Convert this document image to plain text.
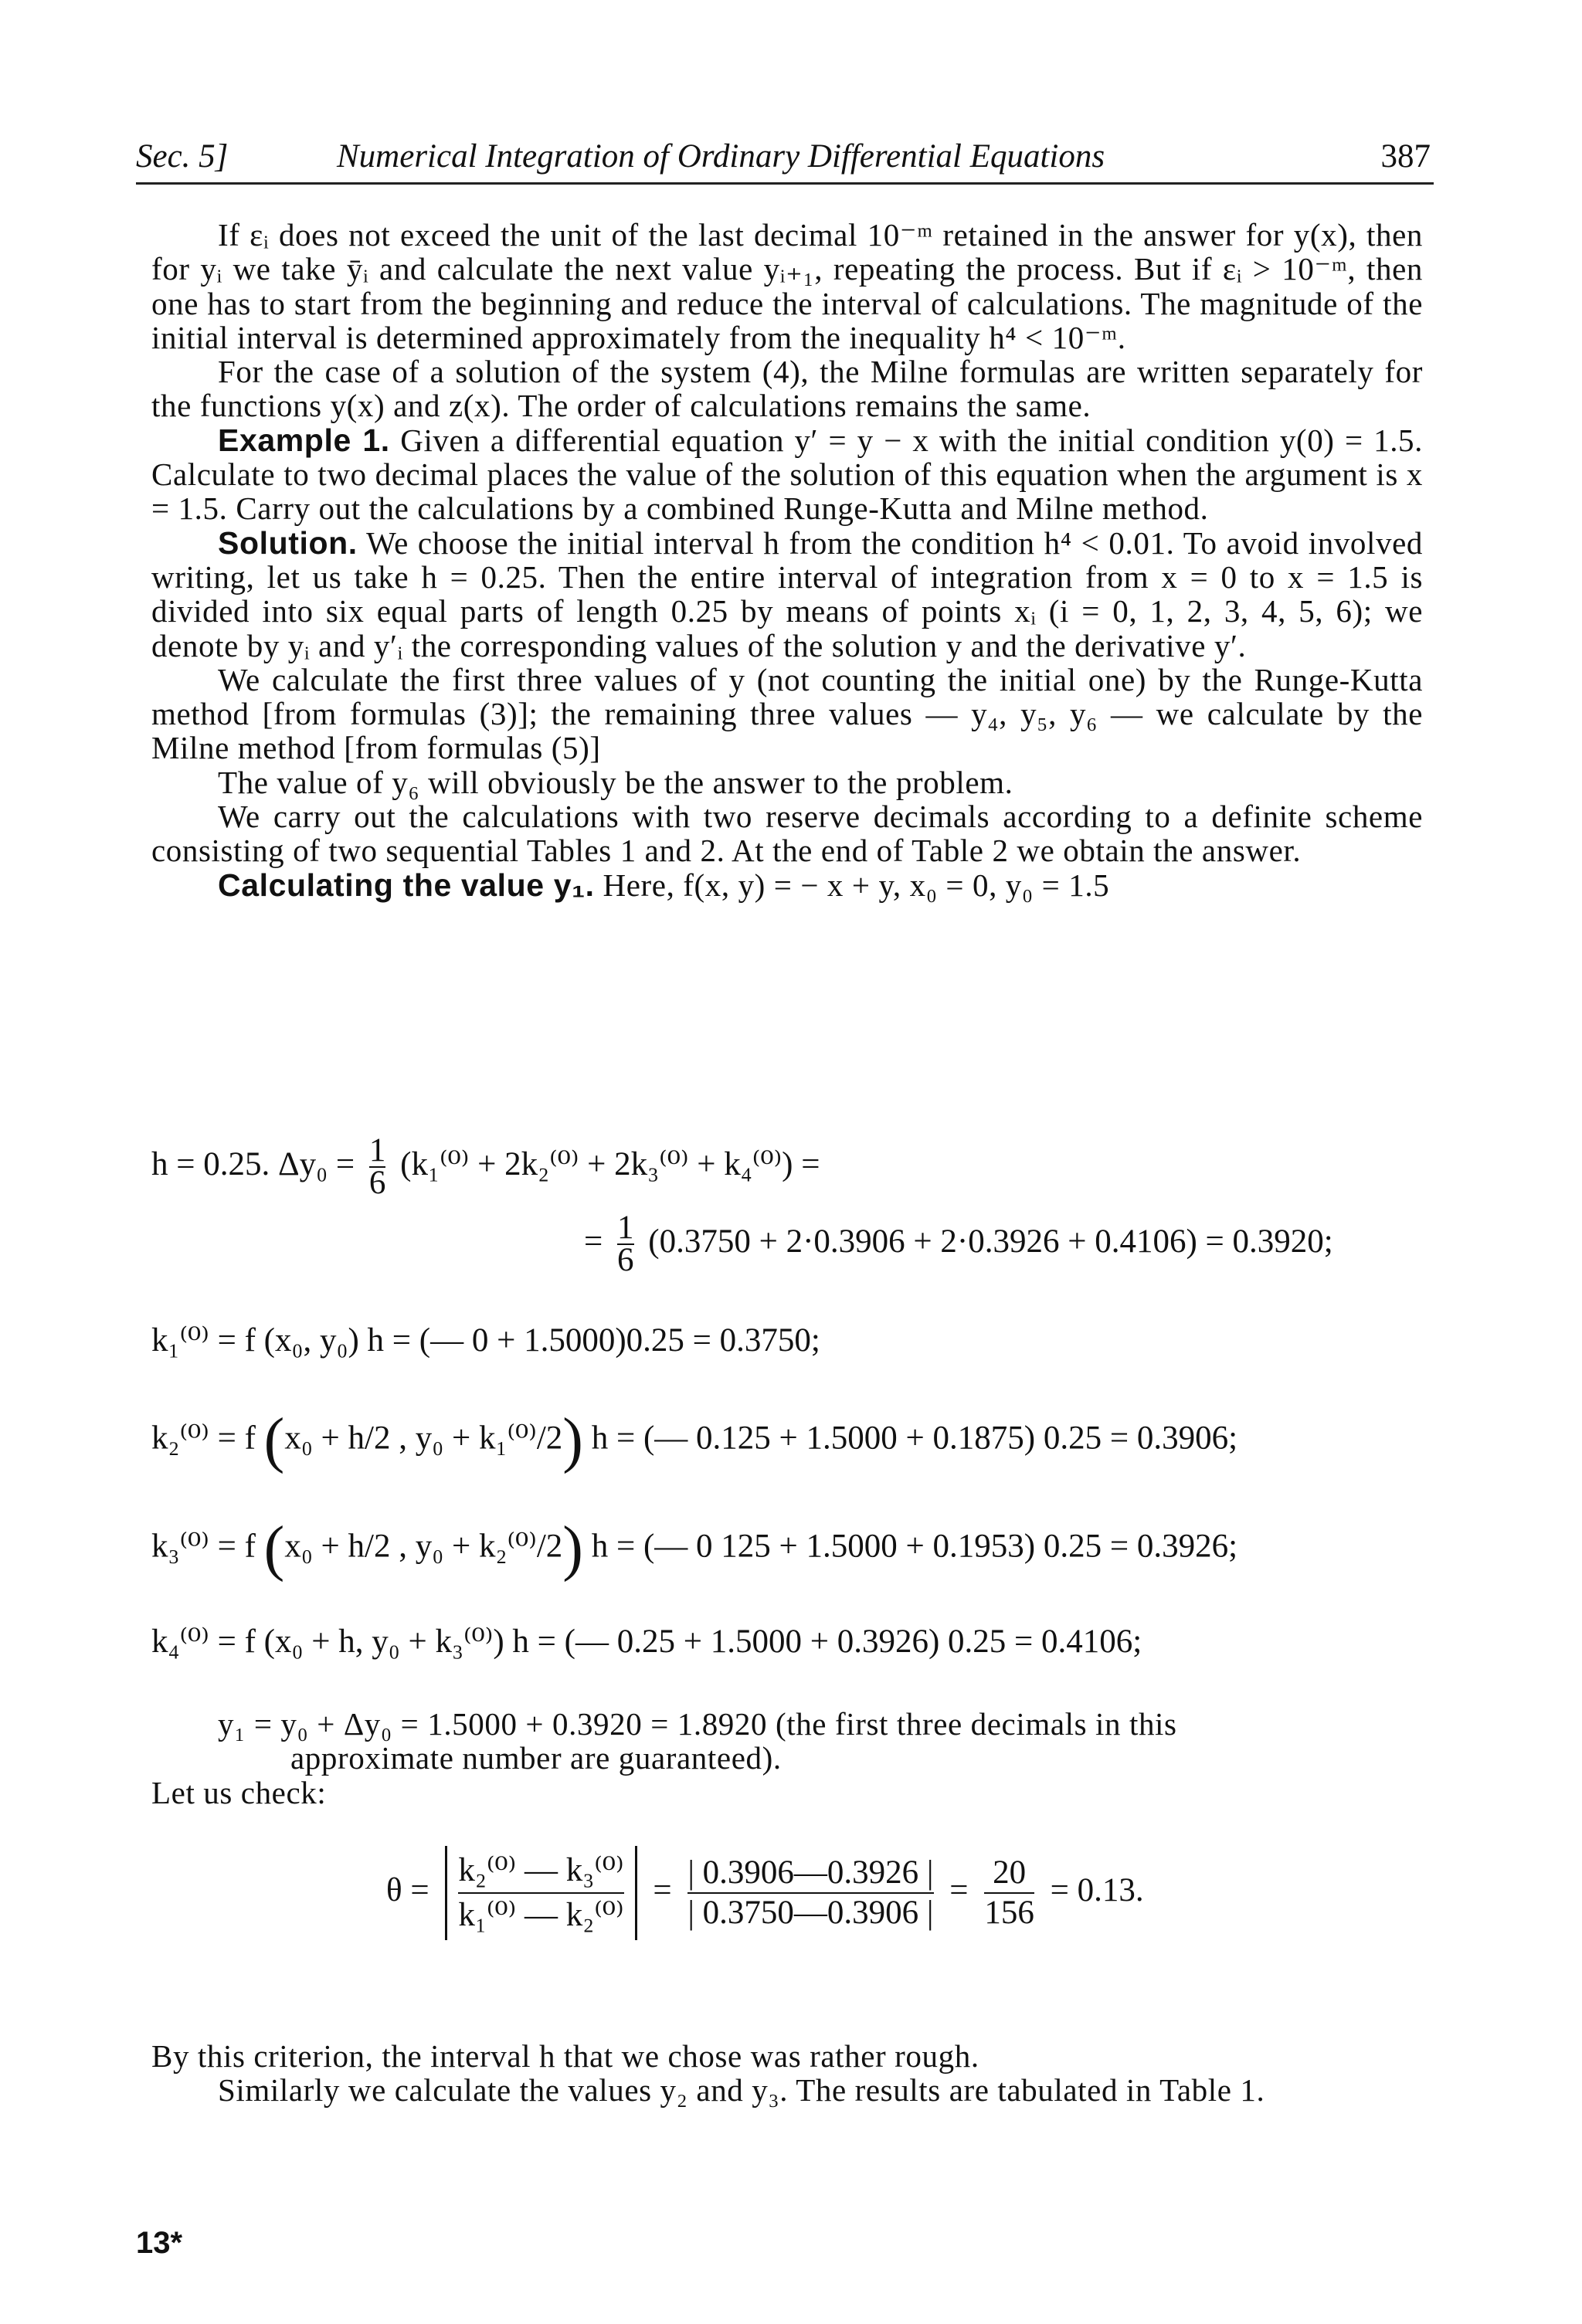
Sec. 5]	Numerical Integration of Ordinary Differential Equations	387

If εᵢ does not exceed the unit of the last decimal 10⁻ᵐ retained in the answer for y(x), then for yᵢ we take ȳᵢ and calculate the next value yᵢ₊₁, repeating the process. But if εᵢ > 10⁻ᵐ, then one has to start from the beginning and reduce the interval of calculations. The magnitude of the initial interval is determined approximately from the inequality h⁴ < 10⁻ᵐ.

For the case of a solution of the system (4), the Milne formulas are written separately for the functions y(x) and z(x). The order of calculations remains the same.

Example 1. Given a differential equation y′ = y − x with the initial condition y(0) = 1.5. Calculate to two decimal places the value of the solution of this equation when the argument is x = 1.5. Carry out the calculations by a combined Runge-Kutta and Milne method.

Solution. We choose the initial interval h from the condition h⁴ < 0.01. To avoid involved writing, let us take h = 0.25. Then the entire interval of integration from x = 0 to x = 1.5 is divided into six equal parts of length 0.25 by means of points xᵢ (i = 0, 1, 2, 3, 4, 5, 6); we denote by yᵢ and y′ᵢ the corresponding values of the solution y and the derivative y′.

We calculate the first three values of y (not counting the initial one) by the Runge-Kutta method [from formulas (3)]; the remaining three values — y₄, y₅, y₆ — we calculate by the Milne method [from formulas (5)]

The value of y₆ will obviously be the answer to the problem.

We carry out the calculations with two reserve decimals according to a definite scheme consisting of two sequential Tables 1 and 2. At the end of Table 2 we obtain the answer.

Calculating the value y₁. Here, f(x, y) = − x + y, x₀ = 0, y₀ = 1.5

h = 0.25. $\Delta y_0 = \frac{1}{6} (k_1^{(0)} + 2k_2^{(0)} + 2k_3^{(0)} + k_4^{(0)})$ =
= $\frac{1}{6} (0.3750 + 2\cdot 0.3906 + 2\cdot 0.3926 + 0.4106) = 0.3920$;
k₁⁽⁰⁾ = f (x₀, y₀) h = (— 0 + 1.5000)0.25 = 0.3750;
k₂⁽⁰⁾ = f (x₀ + h/2 , y₀ + k₁⁽⁰⁾/2) h = (— 0.125 + 1.5000 + 0.1875) 0.25 = 0.3906;
k₃⁽⁰⁾ = f (x₀ + h/2 , y₀ + k₂⁽⁰⁾/2) h = (— 0 125 + 1.5000 + 0.1953) 0.25 = 0.3926;
k₄⁽⁰⁾ = f (x₀ + h, y₀ + k₃⁽⁰⁾) h = (— 0.25 + 1.5000 + 0.3926) 0.25 = 0.4106;

y₁ = y₀ + Δy₀ = 1.5000 + 0.3920 = 1.8920 (the first three decimals in this

approximate number are guaranteed).

Let us check:

$\theta = \frac{\text{k₂⁽⁰⁾ — k₃⁽⁰⁾}}{\text{k₁⁽⁰⁾ — k₂⁽⁰⁾}} = \frac{| 0.3906—0.3926 |}{| 0.3750—0.3906 |} = \frac{20}{156} = 0.13$.

By this criterion, the interval h that we chose was rather rough.

Similarly we calculate the values y₂ and y₃. The results are tabulated in Table 1.

13*
